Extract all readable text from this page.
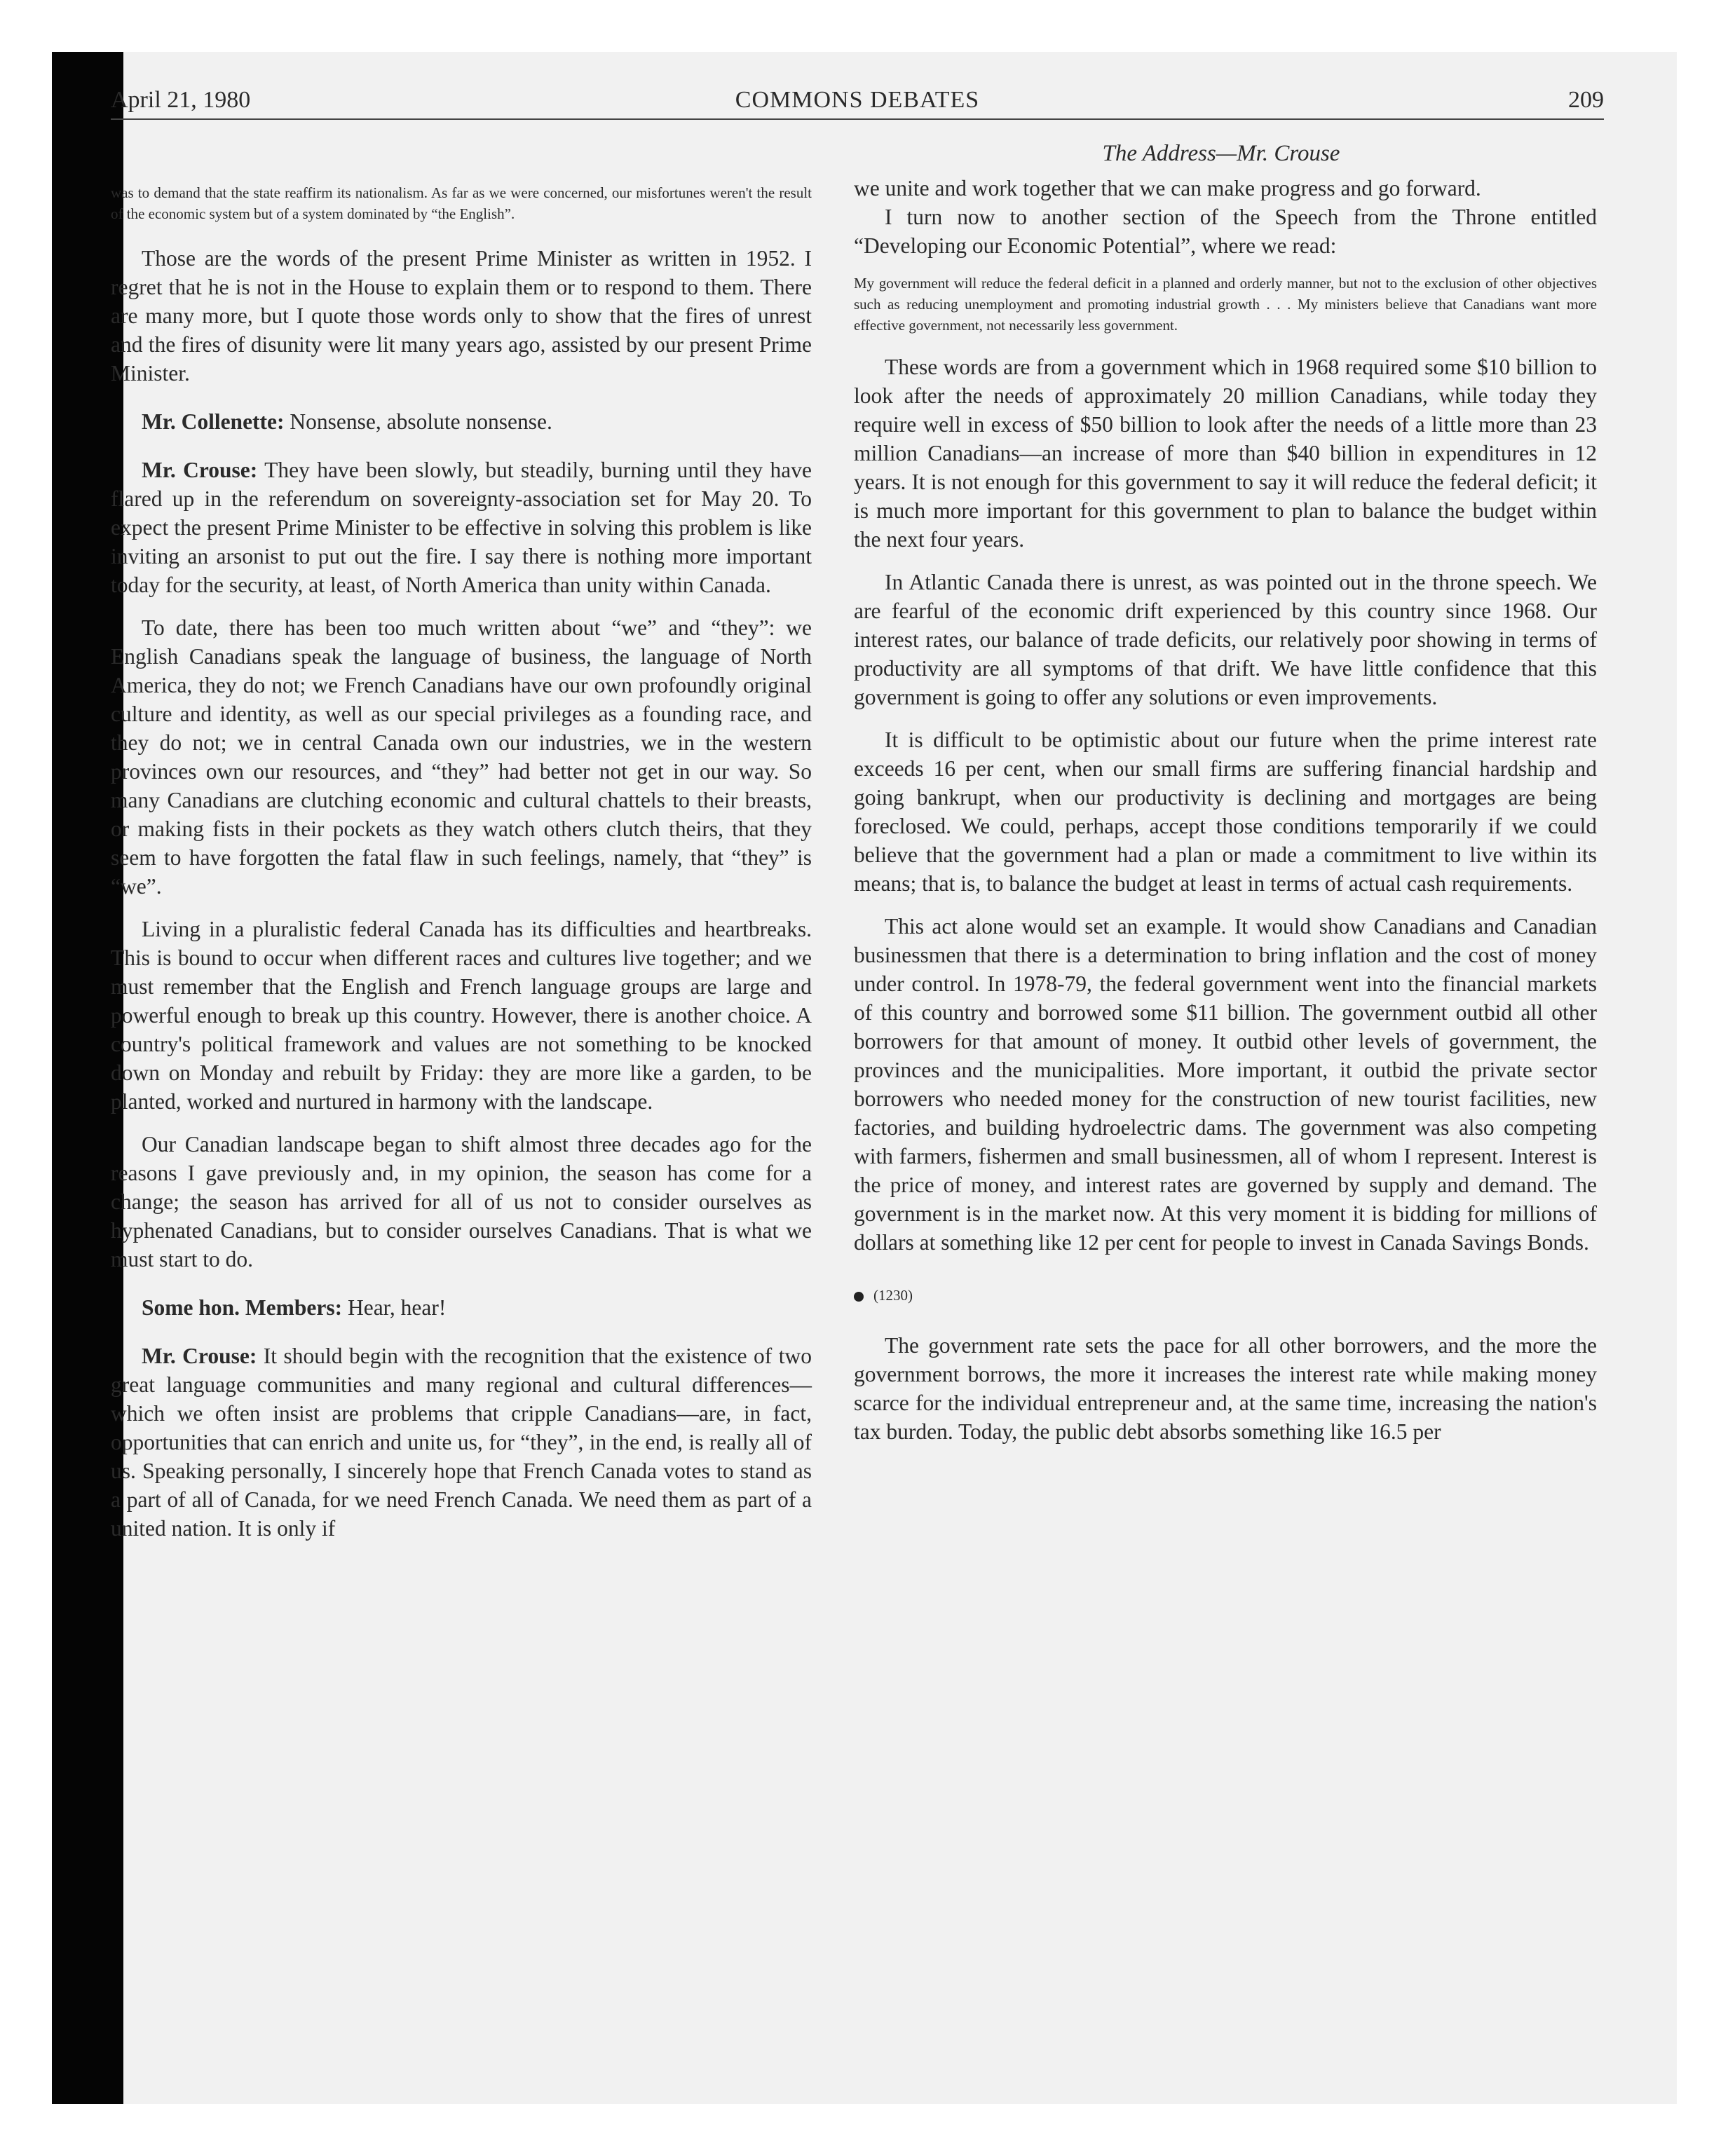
April 21, 1980	COMMONS DEBATES	209
The Address—Mr. Crouse

was to demand that the state reaffirm its nationalism. As far as we were concerned, our misfortunes weren't the result of the economic system but of a system dominated by “the English”.

Those are the words of the present Prime Minister as written in 1952. I regret that he is not in the House to explain them or to respond to them. There are many more, but I quote those words only to show that the fires of unrest and the fires of disunity were lit many years ago, assisted by our present Prime Minister.

Mr. Collenette: Nonsense, absolute nonsense.

Mr. Crouse: They have been slowly, but steadily, burning until they have flared up in the referendum on sovereignty-association set for May 20. To expect the present Prime Minister to be effective in solving this problem is like inviting an arsonist to put out the fire. I say there is nothing more important today for the security, at least, of North America than unity within Canada.

To date, there has been too much written about “we” and “they”: we English Canadians speak the language of business, the language of North America, they do not; we French Canadians have our own profoundly original culture and identity, as well as our special privileges as a founding race, and they do not; we in central Canada own our industries, we in the western provinces own our resources, and “they” had better not get in our way. So many Canadians are clutching economic and cultural chattels to their breasts, or making fists in their pockets as they watch others clutch theirs, that they seem to have forgotten the fatal flaw in such feelings, namely, that “they” is “we”.

Living in a pluralistic federal Canada has its difficulties and heartbreaks. This is bound to occur when different races and cultures live together; and we must remember that the English and French language groups are large and powerful enough to break up this country. However, there is another choice. A country's political framework and values are not something to be knocked down on Monday and rebuilt by Friday: they are more like a garden, to be planted, worked and nurtured in harmony with the landscape.

Our Canadian landscape began to shift almost three decades ago for the reasons I gave previously and, in my opinion, the season has come for a change; the season has arrived for all of us not to consider ourselves as hyphenated Canadians, but to consider ourselves Canadians. That is what we must start to do.

Some hon. Members: Hear, hear!

Mr. Crouse: It should begin with the recognition that the existence of two great language communities and many regional and cultural differences—which we often insist are problems that cripple Canadians—are, in fact, opportunities that can enrich and unite us, for “they”, in the end, is really all of us. Speaking personally, I sincerely hope that French Canada votes to stand as a part of all of Canada, for we need French Canada. We need them as part of a united nation. It is only if

we unite and work together that we can make progress and go forward.

I turn now to another section of the Speech from the Throne entitled “Developing our Economic Potential”, where we read:

My government will reduce the federal deficit in a planned and orderly manner, but not to the exclusion of other objectives such as reducing unemployment and promoting industrial growth . . . My ministers believe that Canadians want more effective government, not necessarily less government.

These words are from a government which in 1968 required some $10 billion to look after the needs of approximately 20 million Canadians, while today they require well in excess of $50 billion to look after the needs of a little more than 23 million Canadians—an increase of more than $40 billion in expenditures in 12 years. It is not enough for this government to say it will reduce the federal deficit; it is much more important for this government to plan to balance the budget within the next four years.

In Atlantic Canada there is unrest, as was pointed out in the throne speech. We are fearful of the economic drift experienced by this country since 1968. Our interest rates, our balance of trade deficits, our relatively poor showing in terms of productivity are all symptoms of that drift. We have little confidence that this government is going to offer any solutions or even improvements.

It is difficult to be optimistic about our future when the prime interest rate exceeds 16 per cent, when our small firms are suffering financial hardship and going bankrupt, when our productivity is declining and mortgages are being foreclosed. We could, perhaps, accept those conditions temporarily if we could believe that the government had a plan or made a commitment to live within its means; that is, to balance the budget at least in terms of actual cash requirements.

This act alone would set an example. It would show Canadians and Canadian businessmen that there is a determination to bring inflation and the cost of money under control. In 1978-79, the federal government went into the financial markets of this country and borrowed some $11 billion. The government outbid all other borrowers for that amount of money. It outbid other levels of government, the provinces and the municipalities. More important, it outbid the private sector borrowers who needed money for the construction of new tourist facilities, new factories, and building hydroelectric dams. The government was also competing with farmers, fishermen and small businessmen, all of whom I represent. Interest is the price of money, and interest rates are governed by supply and demand. The government is in the market now. At this very moment it is bidding for millions of dollars at something like 12 per cent for people to invest in Canada Savings Bonds.

(1230)

The government rate sets the pace for all other borrowers, and the more the government borrows, the more it increases the interest rate while making money scarce for the individual entrepreneur and, at the same time, increasing the nation's tax burden. Today, the public debt absorbs something like 16.5 per
